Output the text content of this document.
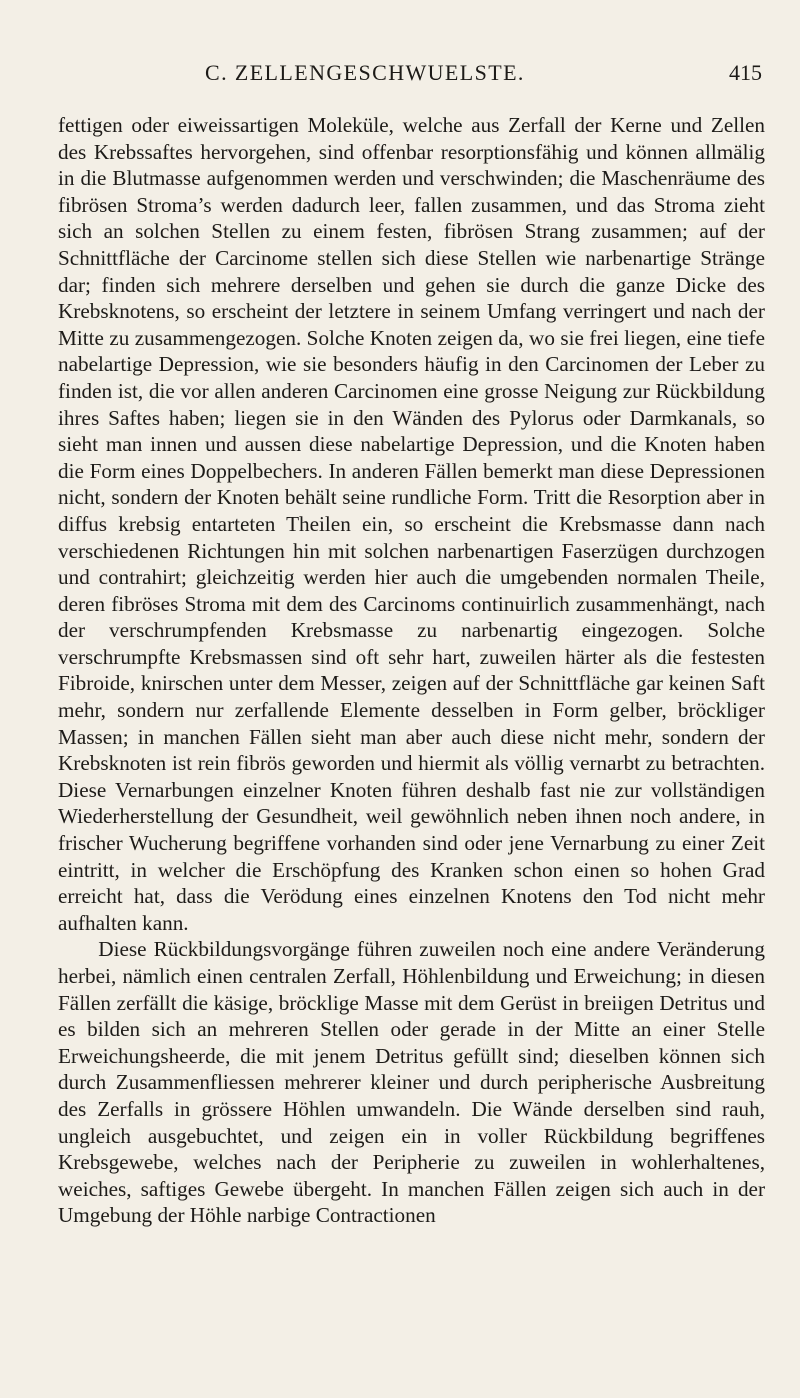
C. ZELLENGESCHWUELSTE.	415

fettigen oder eiweissartigen Moleküle, welche aus Zerfall der Kerne und Zellen des Krebssaftes hervorgehen, sind offenbar resorptionsfähig und können allmälig in die Blutmasse aufgenommen werden und verschwinden; die Maschenräume des fibrösen Stroma’s werden dadurch leer, fallen zusammen, und das Stroma zieht sich an solchen Stellen zu einem festen, fibrösen Strang zusammen; auf der Schnittfläche der Carcinome stellen sich diese Stellen wie narbenartige Stränge dar; finden sich mehrere derselben und gehen sie durch die ganze Dicke des Krebsknotens, so erscheint der letztere in seinem Umfang verringert und nach der Mitte zu zusammengezogen. Solche Knoten zeigen da, wo sie frei liegen, eine tiefe nabelartige Depression, wie sie besonders häufig in den Carcinomen der Leber zu finden ist, die vor allen anderen Carcinomen eine grosse Neigung zur Rückbildung ihres Saftes haben; liegen sie in den Wänden des Pylorus oder Darmkanals, so sieht man innen und aussen diese nabelartige Depression, und die Knoten haben die Form eines Doppelbechers. In anderen Fällen bemerkt man diese Depressionen nicht, sondern der Knoten behält seine rundliche Form. Tritt die Resorption aber in diffus krebsig entarteten Theilen ein, so erscheint die Krebsmasse dann nach verschiedenen Richtungen hin mit solchen narbenartigen Faserzügen durchzogen und contrahirt; gleichzeitig werden hier auch die umgebenden normalen Theile, deren fibröses Stroma mit dem des Carcinoms continuirlich zusammenhängt, nach der verschrumpfenden Krebsmasse zu narbenartig eingezogen. Solche verschrumpfte Krebsmassen sind oft sehr hart, zuweilen härter als die festesten Fibroide, knirschen unter dem Messer, zeigen auf der Schnittfläche gar keinen Saft mehr, sondern nur zerfallende Elemente desselben in Form gelber, bröckliger Massen; in manchen Fällen sieht man aber auch diese nicht mehr, sondern der Krebsknoten ist rein fibrös geworden und hiermit als völlig vernarbt zu betrachten. Diese Vernarbungen einzelner Knoten führen deshalb fast nie zur vollständigen Wiederherstellung der Gesundheit, weil gewöhnlich neben ihnen noch andere, in frischer Wucherung begriffene vorhanden sind oder jene Vernarbung zu einer Zeit eintritt, in welcher die Erschöpfung des Kranken schon einen so hohen Grad erreicht hat, dass die Verödung eines einzelnen Knotens den Tod nicht mehr aufhalten kann.

Diese Rückbildungsvorgänge führen zuweilen noch eine andere Veränderung herbei, nämlich einen centralen Zerfall, Höhlenbildung und Erweichung; in diesen Fällen zerfällt die käsige, bröcklige Masse mit dem Gerüst in breiigen Detritus und es bilden sich an mehreren Stellen oder gerade in der Mitte an einer Stelle Erweichungsheerde, die mit jenem Detritus gefüllt sind; dieselben können sich durch Zusammenfliessen mehrerer kleiner und durch peripherische Ausbreitung des Zerfalls in grössere Höhlen umwandeln. Die Wände derselben sind rauh, ungleich ausgebuchtet, und zeigen ein in voller Rückbildung begriffenes Krebsgewebe, welches nach der Peripherie zu zuweilen in wohlerhaltenes, weiches, saftiges Gewebe übergeht. In manchen Fällen zeigen sich auch in der Umgebung der Höhle narbige Contractionen
